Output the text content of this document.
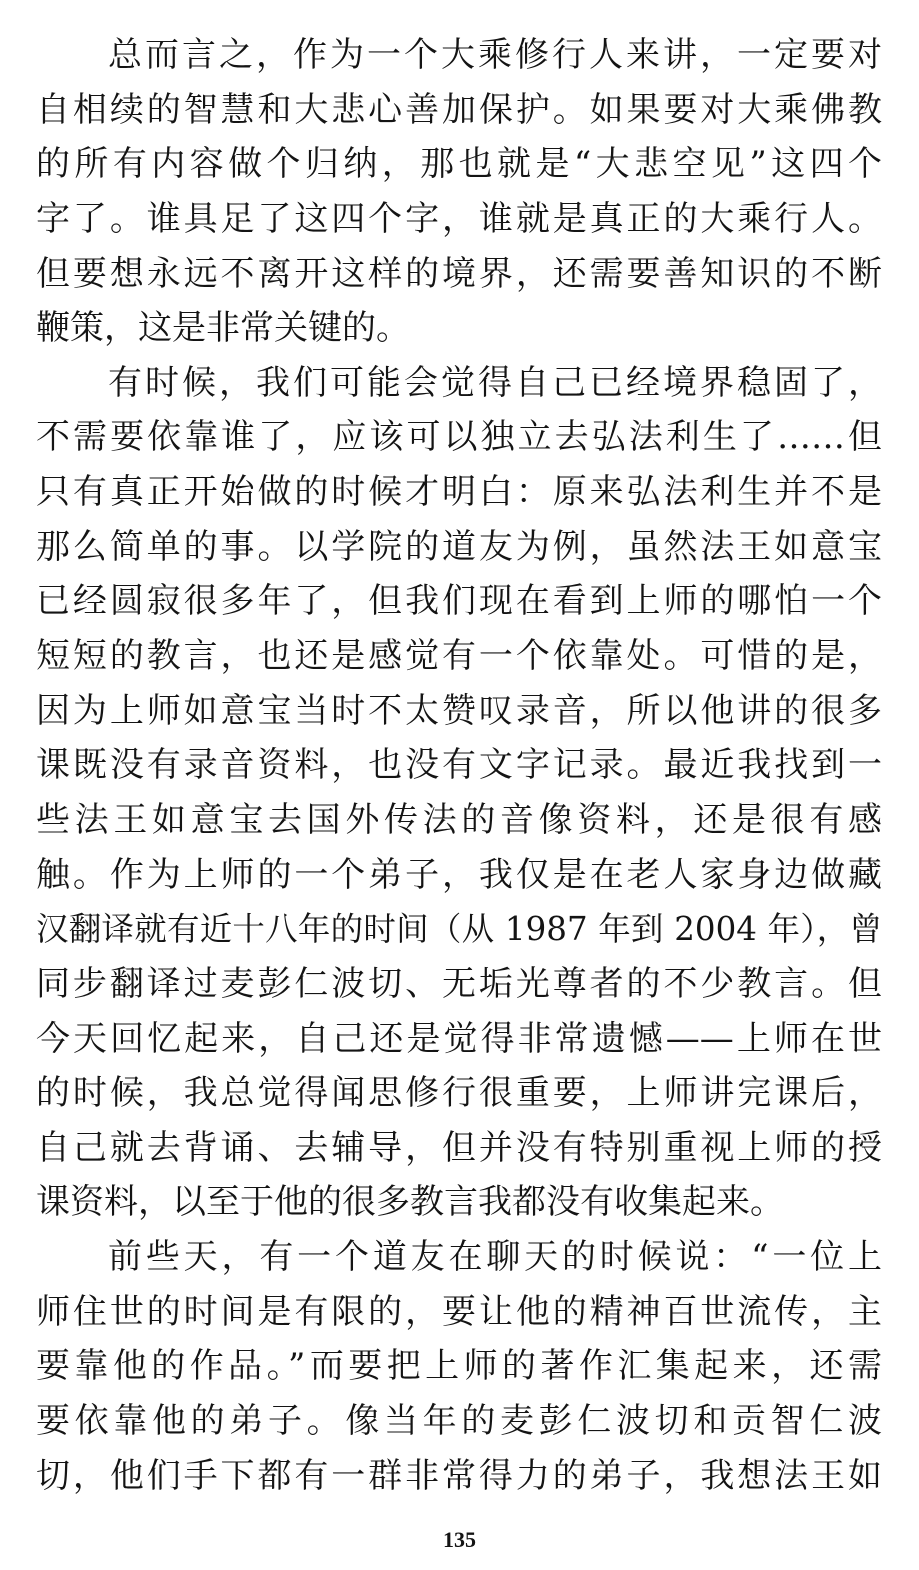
总而言之，作为一个大乘修行人来讲，一定要对
自相续的智慧和大悲心善加保护。如果要对大乘佛教
的所有内容做个归纳，那也就是“大悲空见”这四个
字了。谁具足了这四个字，谁就是真正的大乘行人。
但要想永远不离开这样的境界，还需要善知识的不断
鞭策，这是非常关键的。
有时候，我们可能会觉得自己已经境界稳固了，
不需要依靠谁了，应该可以独立去弘法利生了……但
只有真正开始做的时候才明白：原来弘法利生并不是
那么简单的事。以学院的道友为例，虽然法王如意宝
已经圆寂很多年了，但我们现在看到上师的哪怕一个
短短的教言，也还是感觉有一个依靠处。可惜的是，
因为上师如意宝当时不太赞叹录音，所以他讲的很多
课既没有录音资料，也没有文字记录。最近我找到一
些法王如意宝去国外传法的音像资料，还是很有感
触。作为上师的一个弟子，我仅是在老人家身边做藏
汉翻译就有近十八年的时间（从 1987 年到 2004 年），曾
同步翻译过麦彭仁波切、无垢光尊者的不少教言。但
今天回忆起来，自己还是觉得非常遗憾——上师在世
的时候，我总觉得闻思修行很重要，上师讲完课后，
自己就去背诵、去辅导，但并没有特别重视上师的授
课资料，以至于他的很多教言我都没有收集起来。
前些天，有一个道友在聊天的时候说：“一位上
师住世的时间是有限的，要让他的精神百世流传，主
要靠他的作品。”而要把上师的著作汇集起来，还需
要依靠他的弟子。像当年的麦彭仁波切和贡智仁波
切，他们手下都有一群非常得力的弟子，我想法王如
135
